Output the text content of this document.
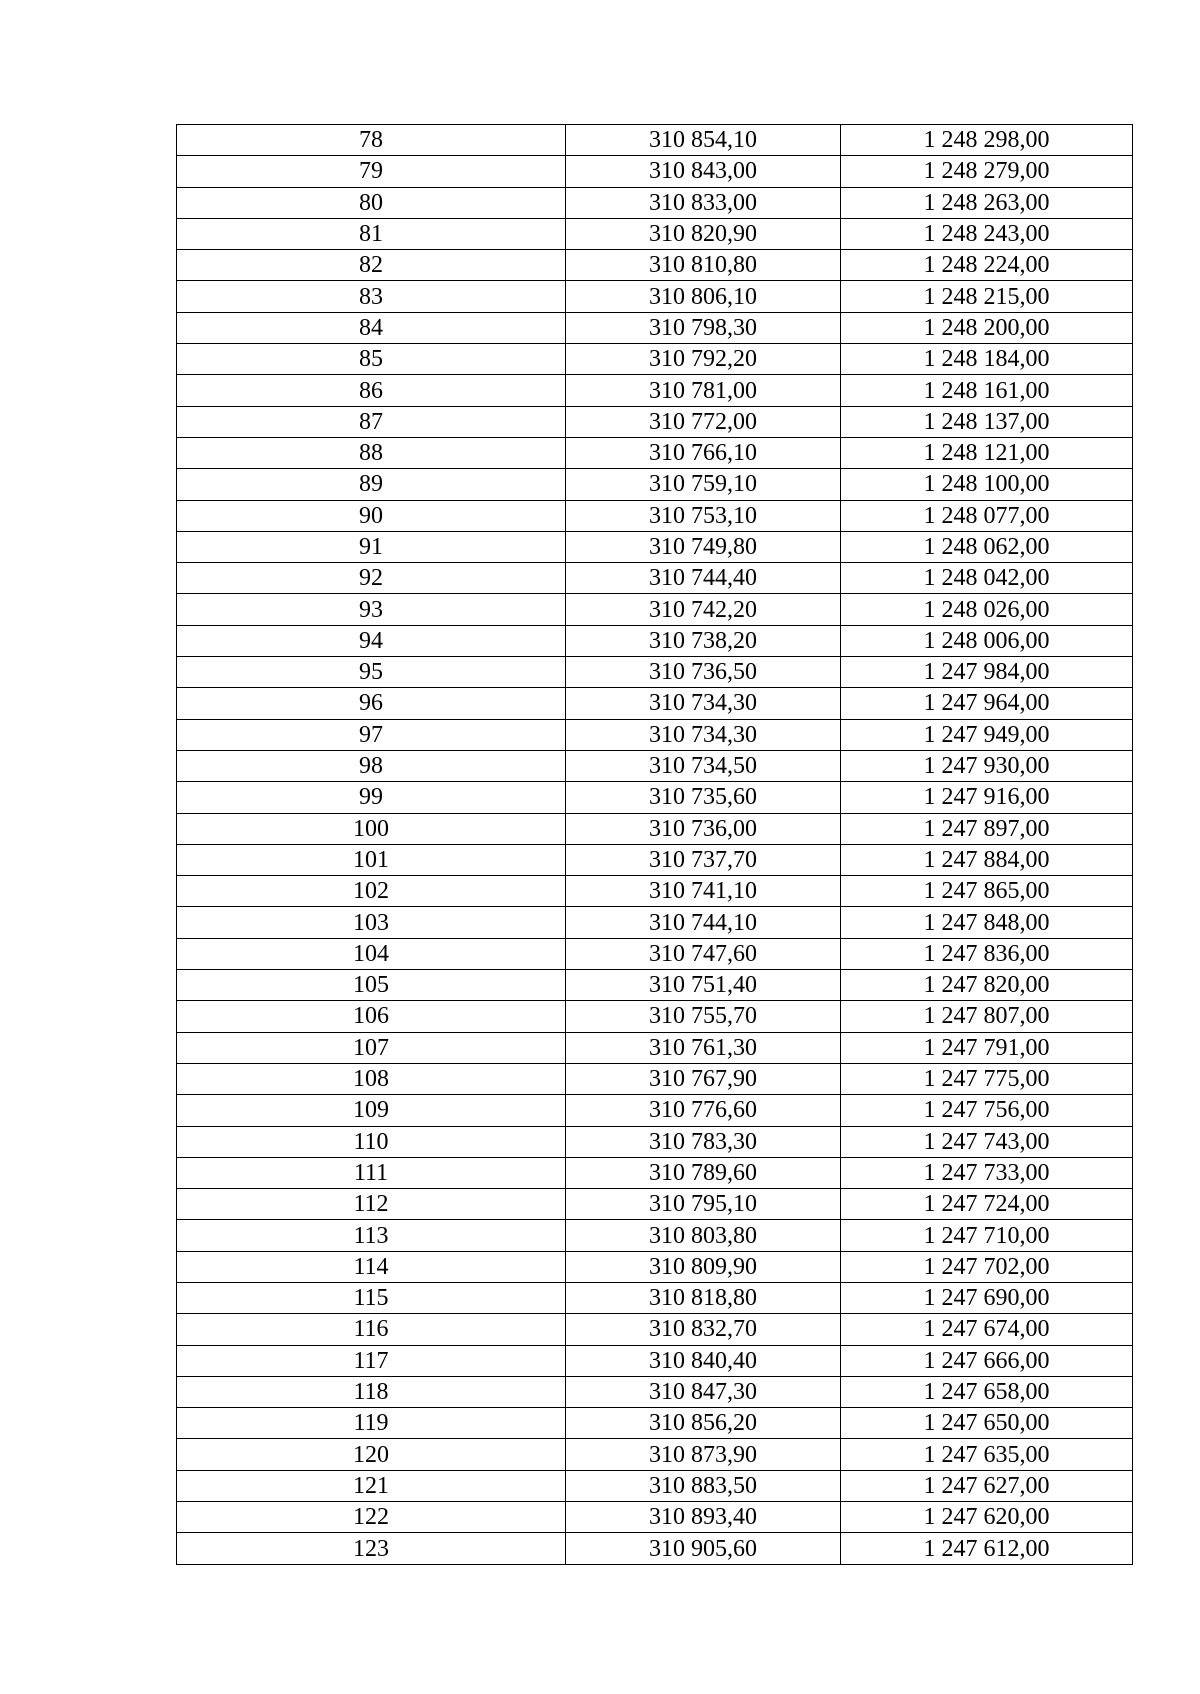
78	310 854,10	1 248 298,00
79	310 843,00	1 248 279,00
80	310 833,00	1 248 263,00
81	310 820,90	1 248 243,00
82	310 810,80	1 248 224,00
83	310 806,10	1 248 215,00
84	310 798,30	1 248 200,00
85	310 792,20	1 248 184,00
86	310 781,00	1 248 161,00
87	310 772,00	1 248 137,00
88	310 766,10	1 248 121,00
89	310 759,10	1 248 100,00
90	310 753,10	1 248 077,00
91	310 749,80	1 248 062,00
92	310 744,40	1 248 042,00
93	310 742,20	1 248 026,00
94	310 738,20	1 248 006,00
95	310 736,50	1 247 984,00
96	310 734,30	1 247 964,00
97	310 734,30	1 247 949,00
98	310 734,50	1 247 930,00
99	310 735,60	1 247 916,00
100	310 736,00	1 247 897,00
101	310 737,70	1 247 884,00
102	310 741,10	1 247 865,00
103	310 744,10	1 247 848,00
104	310 747,60	1 247 836,00
105	310 751,40	1 247 820,00
106	310 755,70	1 247 807,00
107	310 761,30	1 247 791,00
108	310 767,90	1 247 775,00
109	310 776,60	1 247 756,00
110	310 783,30	1 247 743,00
111	310 789,60	1 247 733,00
112	310 795,10	1 247 724,00
113	310 803,80	1 247 710,00
114	310 809,90	1 247 702,00
115	310 818,80	1 247 690,00
116	310 832,70	1 247 674,00
117	310 840,40	1 247 666,00
118	310 847,30	1 247 658,00
119	310 856,20	1 247 650,00
120	310 873,90	1 247 635,00
121	310 883,50	1 247 627,00
122	310 893,40	1 247 620,00
123	310 905,60	1 247 612,00
